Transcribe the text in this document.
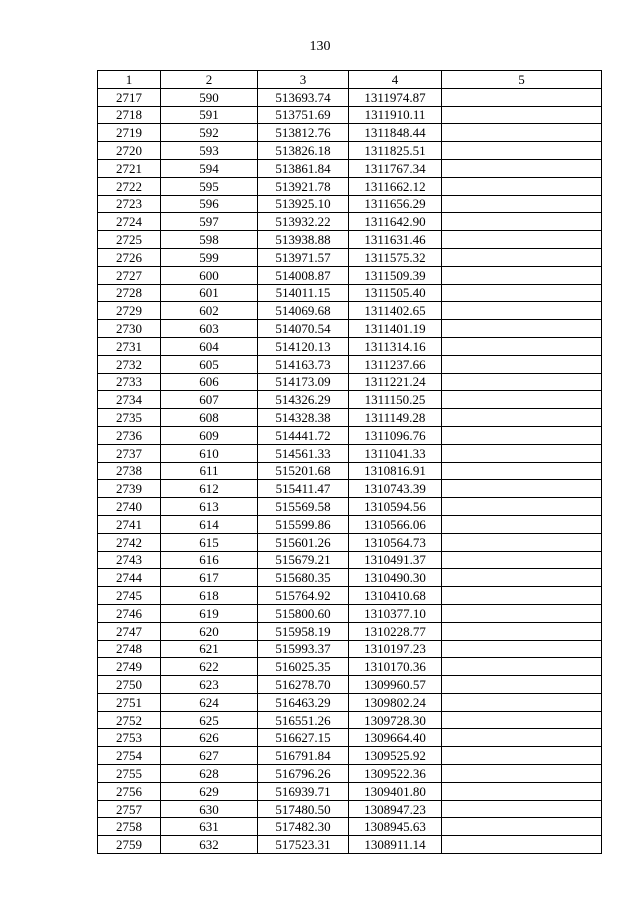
130
1	2	3	4	5
2717	590	513693.74	1311974.87	
2718	591	513751.69	1311910.11	
2719	592	513812.76	1311848.44	
2720	593	513826.18	1311825.51	
2721	594	513861.84	1311767.34	
2722	595	513921.78	1311662.12	
2723	596	513925.10	1311656.29	
2724	597	513932.22	1311642.90	
2725	598	513938.88	1311631.46	
2726	599	513971.57	1311575.32	
2727	600	514008.87	1311509.39	
2728	601	514011.15	1311505.40	
2729	602	514069.68	1311402.65	
2730	603	514070.54	1311401.19	
2731	604	514120.13	1311314.16	
2732	605	514163.73	1311237.66	
2733	606	514173.09	1311221.24	
2734	607	514326.29	1311150.25	
2735	608	514328.38	1311149.28	
2736	609	514441.72	1311096.76	
2737	610	514561.33	1311041.33	
2738	611	515201.68	1310816.91	
2739	612	515411.47	1310743.39	
2740	613	515569.58	1310594.56	
2741	614	515599.86	1310566.06	
2742	615	515601.26	1310564.73	
2743	616	515679.21	1310491.37	
2744	617	515680.35	1310490.30	
2745	618	515764.92	1310410.68	
2746	619	515800.60	1310377.10	
2747	620	515958.19	1310228.77	
2748	621	515993.37	1310197.23	
2749	622	516025.35	1310170.36	
2750	623	516278.70	1309960.57	
2751	624	516463.29	1309802.24	
2752	625	516551.26	1309728.30	
2753	626	516627.15	1309664.40	
2754	627	516791.84	1309525.92	
2755	628	516796.26	1309522.36	
2756	629	516939.71	1309401.80	
2757	630	517480.50	1308947.23	
2758	631	517482.30	1308945.63	
2759	632	517523.31	1308911.14	
